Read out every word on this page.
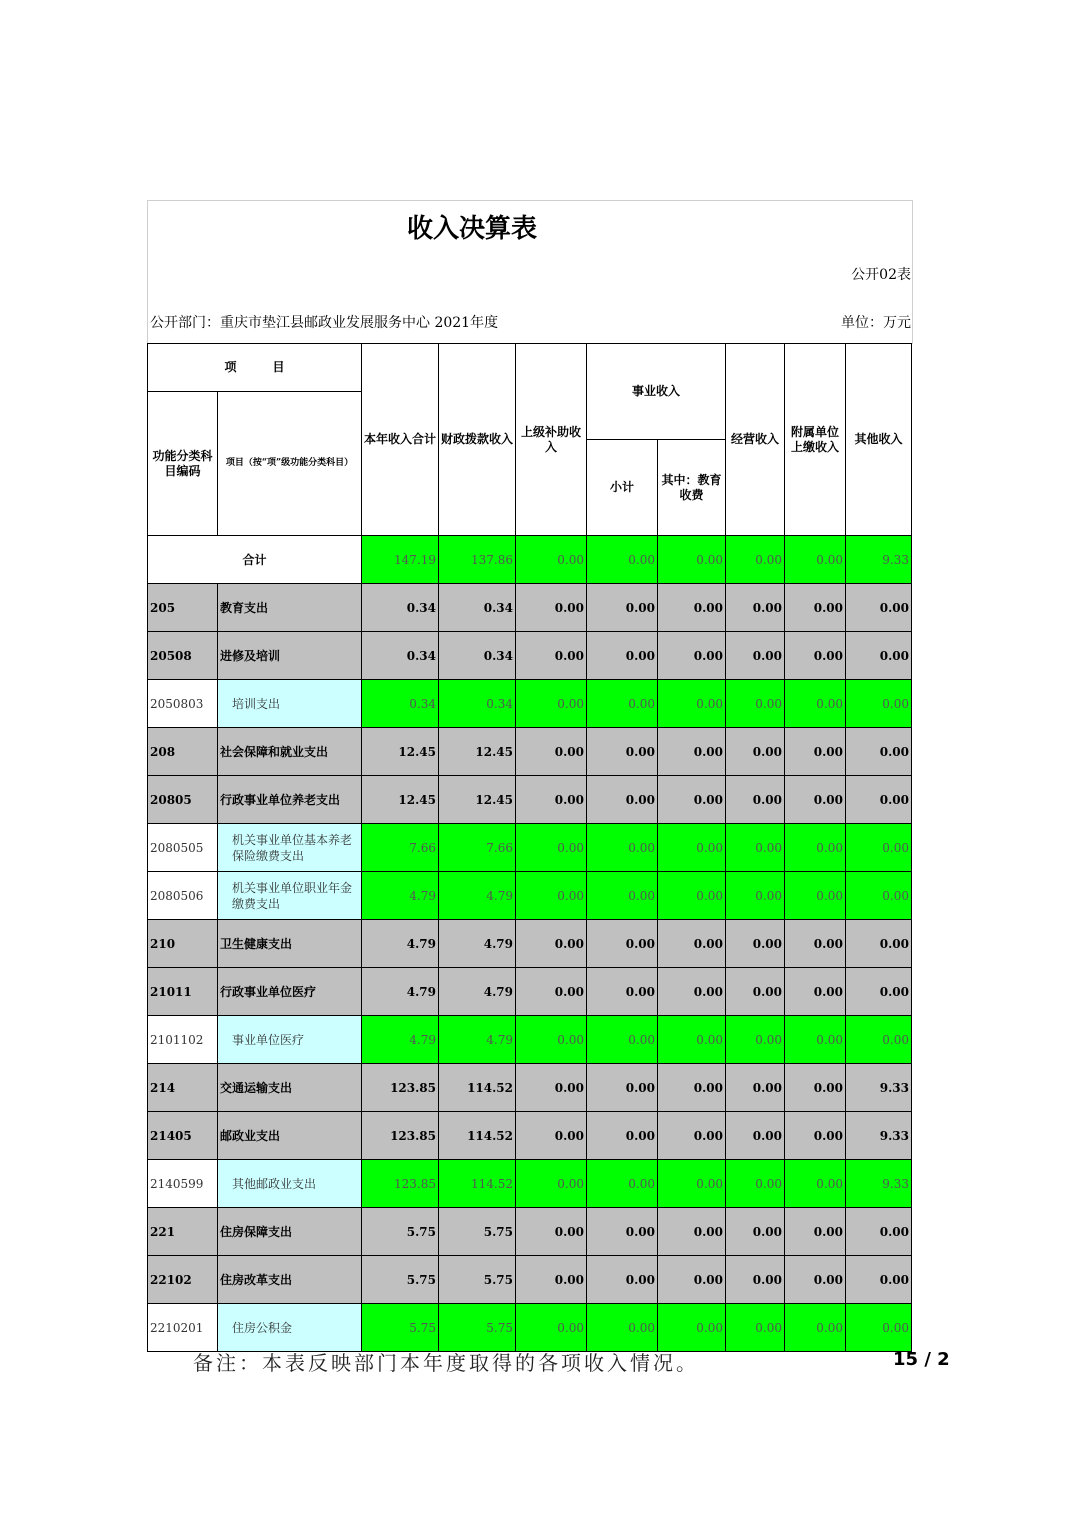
收入决算表
公开02表
公开部门：重庆市垫江县邮政业发展服务中心 2021年度	单位：万元
项　　　目		本年收入合计	财政拨款收入	上级补助收入	事业收入		经营收入	附属单位上缴收入	其他收入
功能分类科目编码	项目（按“项”级功能分类科目）								
					小计	其中：教育收费			
合计		147.19	137.86	0.00	0.00	0.00	0.00	0.00	9.33
205	教育支出	0.34	0.34	0.00	0.00	0.00	0.00	0.00	0.00
20508	进修及培训	0.34	0.34	0.00	0.00	0.00	0.00	0.00	0.00
2050803	培训支出	0.34	0.34	0.00	0.00	0.00	0.00	0.00	0.00
208	社会保障和就业支出	12.45	12.45	0.00	0.00	0.00	0.00	0.00	0.00
20805	行政事业单位养老支出	12.45	12.45	0.00	0.00	0.00	0.00	0.00	0.00
2080505	机关事业单位基本养老保险缴费支出	7.66	7.66	0.00	0.00	0.00	0.00	0.00	0.00
2080506	机关事业单位职业年金缴费支出	4.79	4.79	0.00	0.00	0.00	0.00	0.00	0.00
210	卫生健康支出	4.79	4.79	0.00	0.00	0.00	0.00	0.00	0.00
21011	行政事业单位医疗	4.79	4.79	0.00	0.00	0.00	0.00	0.00	0.00
2101102	事业单位医疗	4.79	4.79	0.00	0.00	0.00	0.00	0.00	0.00
214	交通运输支出	123.85	114.52	0.00	0.00	0.00	0.00	0.00	9.33
21405	邮政业支出	123.85	114.52	0.00	0.00	0.00	0.00	0.00	9.33
2140599	其他邮政业支出	123.85	114.52	0.00	0.00	0.00	0.00	0.00	9.33
221	住房保障支出	5.75	5.75	0.00	0.00	0.00	0.00	0.00	0.00
22102	住房改革支出	5.75	5.75	0.00	0.00	0.00	0.00	0.00	0.00
2210201	住房公积金	5.75	5.75	0.00	0.00	0.00	0.00	0.00	0.00
备注：本表反映部门本年度取得的各项收入情况。	15 / 2
